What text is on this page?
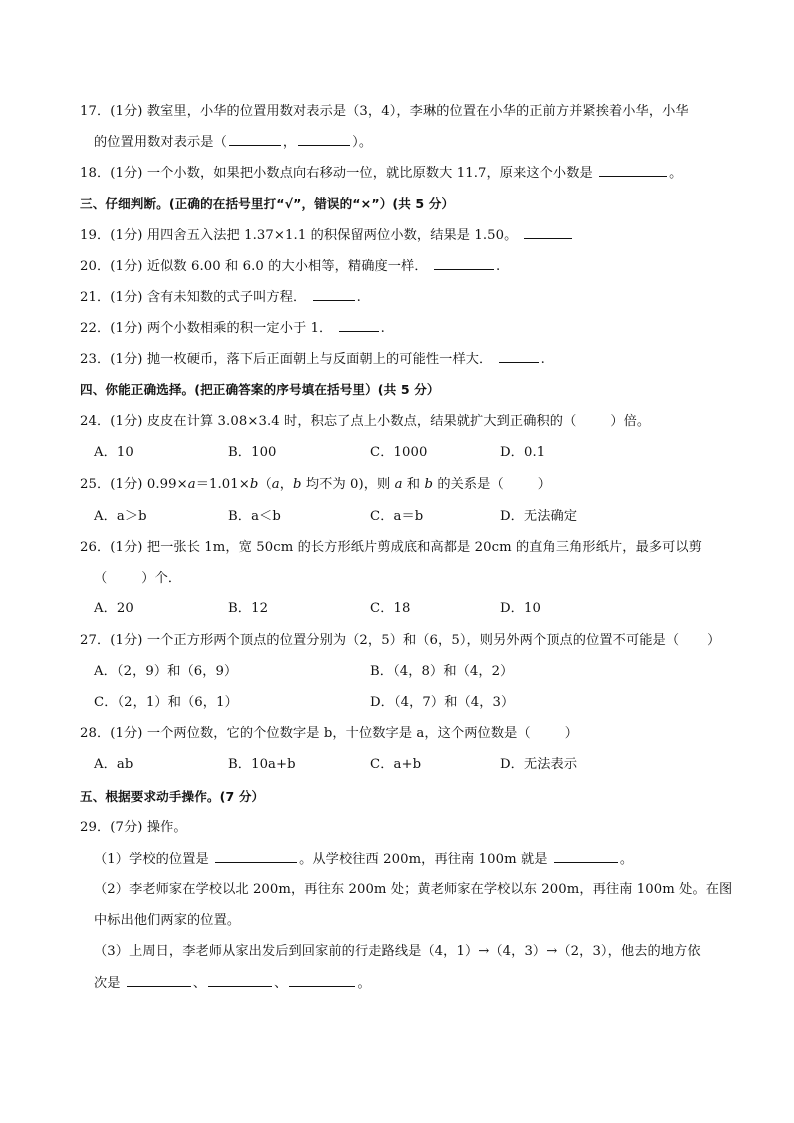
17．(1分) 教室里，小华的位置用数对表示是（3，4），李琳的位置在小华的正前方并紧挨着小华，小华
的位置用数对表示是（	，	）。
18．(1分) 一个小数，如果把小数点向右移动一位，就比原数大 11.7，原来这个小数是	。
三、仔细判断。(正确的在括号里打“√”，错误的“×”）(共 5 分）
19．(1分) 用四舍五入法把 1.37×1.1 的积保留两位小数，结果是 1.50。
20．(1分) 近似数 6.00 和 6.0 的大小相等，精确度一样．	.
21．(1分) 含有未知数的式子叫方程．	.
22．(1分) 两个小数相乘的积一定小于 1．	.
23．(1分) 抛一枚硬币，落下后正面朝上与反面朝上的可能性一样大．	.
四、你能正确选择。(把正确答案的序号填在括号里）(共 5 分）
24．(1分) 皮皮在计算 3.08×3.4 时，积忘了点上小数点，结果就扩大到正确积的（	）倍。
A．10	B．100	C．1000	D．0.1
25．(1分) 0.99×a＝1.01×b（a，b 均不为 0)，则 a 和 b 的关系是（	）
A．a＞b	B．a＜b	C．a＝b	D．无法确定
26．(1分) 把一张长 1m，宽 50cm 的长方形纸片剪成底和高都是 20cm 的直角三角形纸片，最多可以剪
（	）个．
A．20	B．12	C．18	D．10
27．(1分) 一个正方形两个顶点的位置分别为（2，5）和（6，5），则另外两个顶点的位置不可能是（ ）
A．（2，9）和（6，9）	B．（4，8）和（4，2）
C．（2，1）和（6，1）	D．（4，7）和（4，3）
28．(1分) 一个两位数，它的个位数字是 b，十位数字是 a，这个两位数是（	）
A．ab	B．10a+b	C．a+b	D．无法表示
五、根据要求动手操作。(7 分）
29．(7分) 操作。
（1）学校的位置是	。从学校往西 200m，再往南 100m 就是	。
（2）李老师家在学校以北 200m，再往东 200m 处；黄老师家在学校以东 200m，再往南 100m 处。在图
中标出他们两家的位置。
（3）上周日，李老师从家出发后到回家前的行走路线是（4，1）→（4，3）→（2，3），他去的地方依
次是	、	、	。
